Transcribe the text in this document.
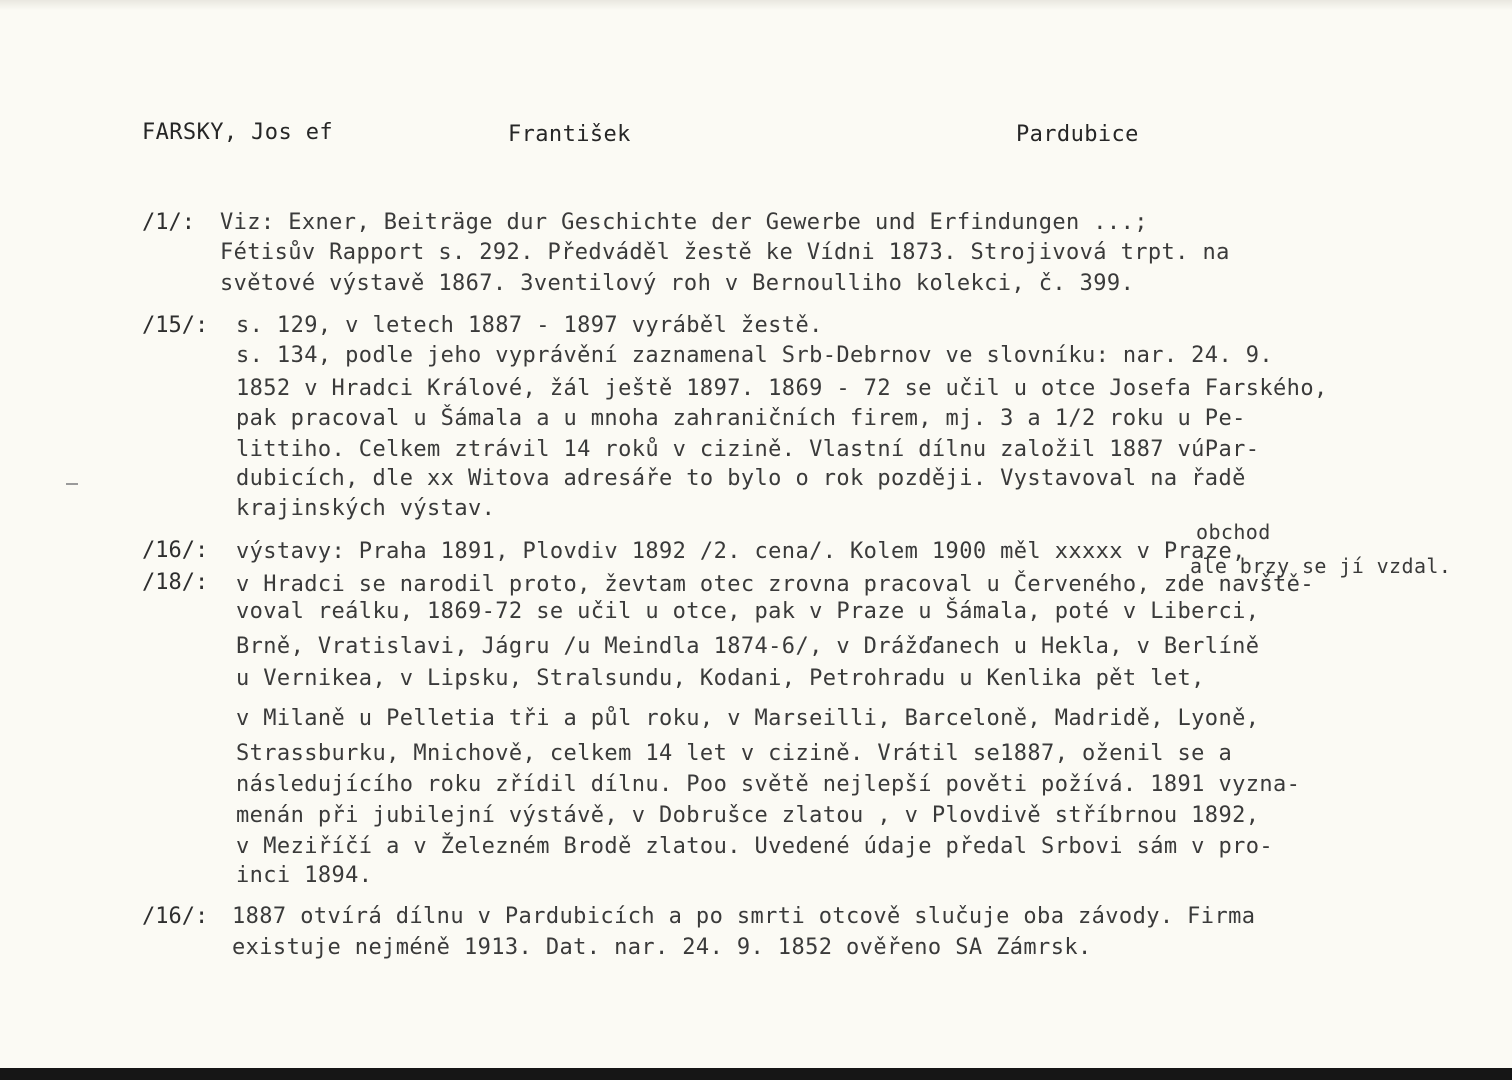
FARSKY, Jos ef	František	Pardubice
/1/: Viz: Exner, Beiträge dur Geschichte der Gewerbe und Erfindungen ...;
Fétisův Rapport s. 292. Předváděl žestě ke Vídni 1873. Strojivová trpt. na
světové výstavě 1867. 3ventilový roh v Bernoulliho kolekci, č. 399.
/15/: s. 129, v letech 1887 - 1897 vyráběl žestě.
s. 134, podle jeho vyprávění zaznamenal Srb-Debrnov ve slovníku: nar. 24. 9.
1852 v Hradci Králové, žál ještě 1897. 1869 - 72 se učil u otce Josefa Farského,
pak pracoval u Šámala a u mnoha zahraničních firem, mj. 3 a 1/2 roku u Pe-
littiho. Celkem ztrávil 14 roků v cizině. Vlastní dílnu založil 1887 vúPar-
dubicích, dle xx Witova adresáře to bylo o rok později. Vystavoval na řadě
krajinských výstav.
/16/: výstavy: Praha 1891, Plovdiv 1892 /2. cena/. Kolem 1900 měl xxxxx v Praze,
obchod
ale brzy se jí vzdal.
/18/: v Hradci se narodil proto, ževtam otec zrovna pracoval u Červeného, zde navště-
voval reálku, 1869-72 se učil u otce, pak v Praze u Šámala, poté v Liberci,
Brně, Vratislavi, Jágru /u Meindla 1874-6/, v Drážďanech u Hekla, v Berlíně
u Vernikea, v Lipsku, Stralsundu, Kodani, Petrohradu u Kenlika pět let,
v Milaně u Pelletia tři a půl roku, v Marseilli, Barceloně, Madridě, Lyoně,
Strassburku, Mnichově, celkem 14 let v cizině. Vrátil se1887, oženil se a
následujícího roku zřídil dílnu. Poo světě nejlepší pověti požívá. 1891 vyzna-
menán při jubilejní výstávě, v Dobrušce zlatou , v Plovdivě stříbrnou 1892,
v Meziříčí a v Železném Brodě zlatou. Uvedené údaje předal Srbovi sám v pro-
inci 1894.
/16/: 1887 otvírá dílnu v Pardubicích a po smrti otcově slučuje oba závody. Firma
existuje nejméně 1913. Dat. nar. 24. 9. 1852 ověřeno SA Zámrsk.
